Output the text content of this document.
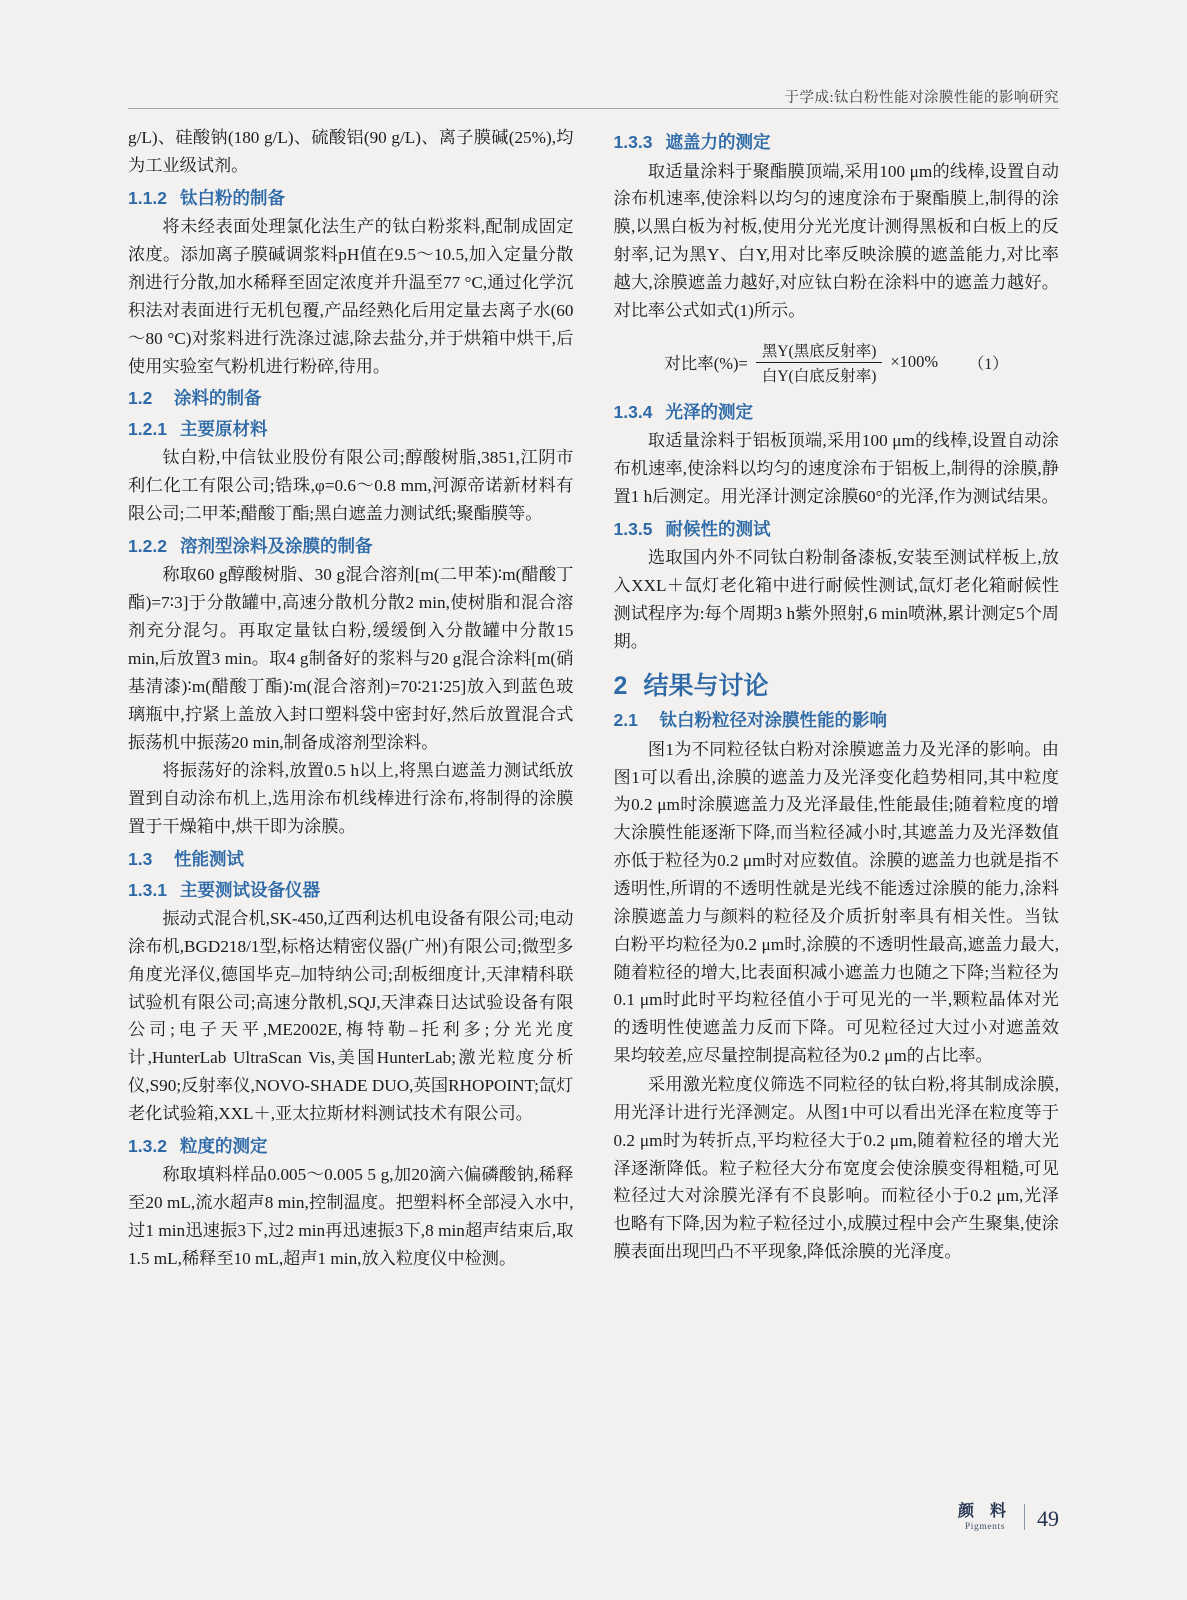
于学成:钛白粉性能对涂膜性能的影响研究

g/L)、硅酸钠(180 g/L)、硫酸铝(90 g/L)、离子膜碱(25%),均为工业级试剂。

1.1.2 钛白粉的制备

将未经表面处理氯化法生产的钛白粉浆料,配制成固定浓度。添加离子膜碱调浆料pH值在9.5～10.5,加入定量分散剂进行分散,加水稀释至固定浓度并升温至77 °C,通过化学沉积法对表面进行无机包覆,产品经熟化后用定量去离子水(60～80 °C)对浆料进行洗涤过滤,除去盐分,并于烘箱中烘干,后使用实验室气粉机进行粉碎,待用。

1.2 涂料的制备
1.2.1 主要原材料

钛白粉,中信钛业股份有限公司;醇酸树脂,3851,江阴市利仁化工有限公司;锆珠,φ=0.6～0.8 mm,河源帝诺新材料有限公司;二甲苯;醋酸丁酯;黑白遮盖力测试纸;聚酯膜等。

1.2.2 溶剂型涂料及涂膜的制备

称取60 g醇酸树脂、30 g混合溶剂[m(二甲苯)∶m(醋酸丁酯)=7∶3]于分散罐中,高速分散机分散2 min,使树脂和混合溶剂充分混匀。再取定量钛白粉,缓缓倒入分散罐中分散15 min,后放置3 min。取4 g制备好的浆料与20 g混合涂料[m(硝基清漆)∶m(醋酸丁酯)∶m(混合溶剂)=70∶21∶25]放入到蓝色玻璃瓶中,拧紧上盖放入封口塑料袋中密封好,然后放置混合式振荡机中振荡20 min,制备成溶剂型涂料。

将振荡好的涂料,放置0.5 h以上,将黑白遮盖力测试纸放置到自动涂布机上,选用涂布机线棒进行涂布,将制得的涂膜置于干燥箱中,烘干即为涂膜。

1.3 性能测试
1.3.1 主要测试设备仪器

振动式混合机,SK-450,辽西利达机电设备有限公司;电动涂布机,BGD218/1型,标格达精密仪器(广州)有限公司;微型多角度光泽仪,德国毕克–加特纳公司;刮板细度计,天津精科联试验机有限公司;高速分散机,SQJ,天津森日达试验设备有限公司;电子天平,ME2002E,梅特勒–托利多;分光光度计,HunterLab UltraScan Vis,美国HunterLab;激光粒度分析仪,S90;反射率仪,NOVO-SHADE DUO,英国RHOPOINT;氙灯老化试验箱,XXL＋,亚太拉斯材料测试技术有限公司。

1.3.2 粒度的测定

称取填料样品0.005～0.005 5 g,加20滴六偏磷酸钠,稀释至20 mL,流水超声8 min,控制温度。把塑料杯全部浸入水中,过1 min迅速振3下,过2 min再迅速振3下,8 min超声结束后,取1.5 mL,稀释至10 mL,超声1 min,放入粒度仪中检测。

1.3.3 遮盖力的测定

取适量涂料于聚酯膜顶端,采用100 μm的线棒,设置自动涂布机速率,使涂料以均匀的速度涂布于聚酯膜上,制得的涂膜,以黑白板为衬板,使用分光光度计测得黑板和白板上的反射率,记为黑Y、白Y,用对比率反映涂膜的遮盖能力,对比率越大,涂膜遮盖力越好,对应钛白粉在涂料中的遮盖力越好。对比率公式如式(1)所示。

对比率(%)= $\frac{\text{黑Y(黑底反射率)}}{\text{白Y(白底反射率)}} \times 100\%$ （1）
1.3.4 光泽的测定

取适量涂料于铝板顶端,采用100 μm的线棒,设置自动涂布机速率,使涂料以均匀的速度涂布于铝板上,制得的涂膜,静置1 h后测定。用光泽计测定涂膜60°的光泽,作为测试结果。

1.3.5 耐候性的测试

选取国内外不同钛白粉制备漆板,安装至测试样板上,放入XXL＋氙灯老化箱中进行耐候性测试,氙灯老化箱耐候性测试程序为:每个周期3 h紫外照射,6 min喷淋,累计测定5个周期。

2 结果与讨论
2.1 钛白粉粒径对涂膜性能的影响

图1为不同粒径钛白粉对涂膜遮盖力及光泽的影响。由图1可以看出,涂膜的遮盖力及光泽变化趋势相同,其中粒度为0.2 μm时涂膜遮盖力及光泽最佳,性能最佳;随着粒度的增大涂膜性能逐渐下降,而当粒径减小时,其遮盖力及光泽数值亦低于粒径为0.2 μm时对应数值。涂膜的遮盖力也就是指不透明性,所谓的不透明性就是光线不能透过涂膜的能力,涂料涂膜遮盖力与颜料的粒径及介质折射率具有相关性。当钛白粉平均粒径为0.2 μm时,涂膜的不透明性最高,遮盖力最大,随着粒径的增大,比表面积减小遮盖力也随之下降;当粒径为0.1 μm时此时平均粒径值小于可见光的一半,颗粒晶体对光的透明性使遮盖力反而下降。可见粒径过大过小对遮盖效果均较差,应尽量控制提高粒径为0.2 μm的占比率。

采用激光粒度仪筛选不同粒径的钛白粉,将其制成涂膜,用光泽计进行光泽测定。从图1中可以看出光泽在粒度等于0.2 μm时为转折点,平均粒径大于0.2 μm,随着粒径的增大光泽逐渐降低。粒子粒径大分布宽度会使涂膜变得粗糙,可见粒径过大对涂膜光泽有不良影响。而粒径小于0.2 μm,光泽也略有下降,因为粒子粒径过小,成膜过程中会产生聚集,使涂膜表面出现凹凸不平现象,降低涂膜的光泽度。

颜 料
Pigments	49
